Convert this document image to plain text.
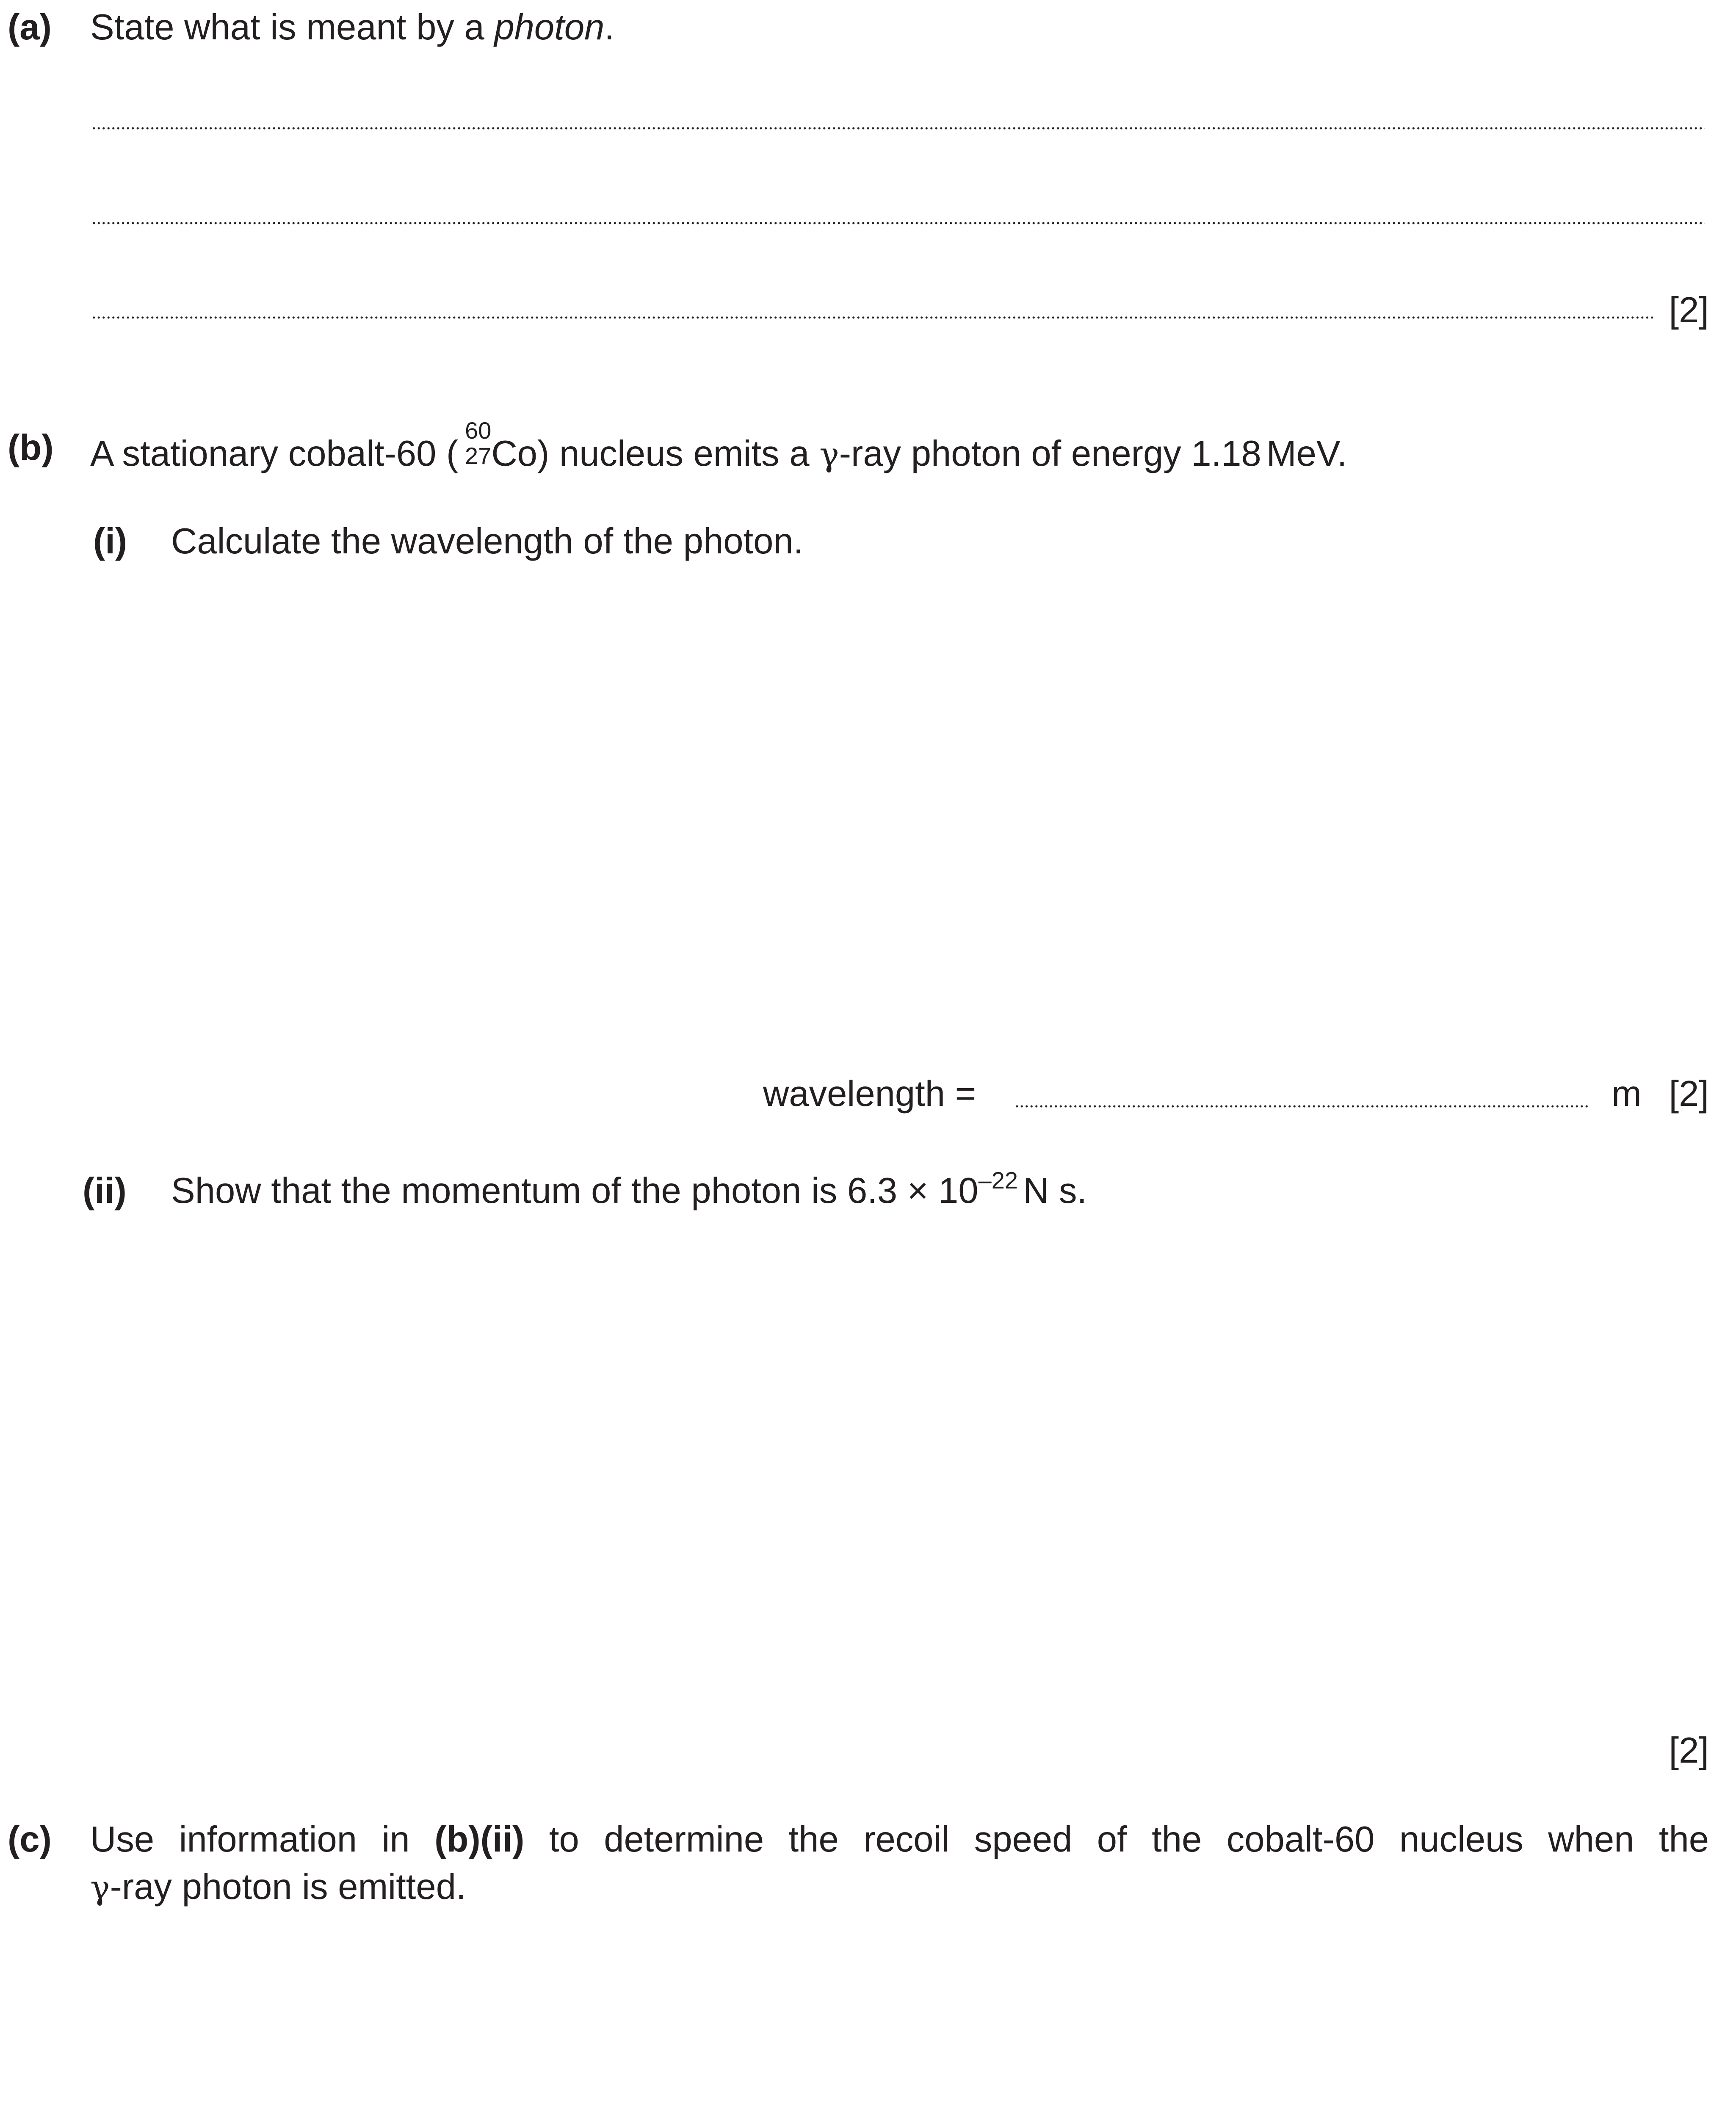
(a) State what is meant by a photon.
[2]
(b) A stationary cobalt-60 (
60
27 Co) nucleus emits a γ-ray photon of energy 1.18 MeV.
(i) Calculate the wavelength of the photon.
wavelength =	m [2]
(ii) Show that the momentum of the photon is $6.3 \times 10^{-22}$ N s.
[2]
(c) Use information in (b)(ii) to determine the recoil speed of the cobalt-60 nucleus when the
γ-ray photon is emitted.
